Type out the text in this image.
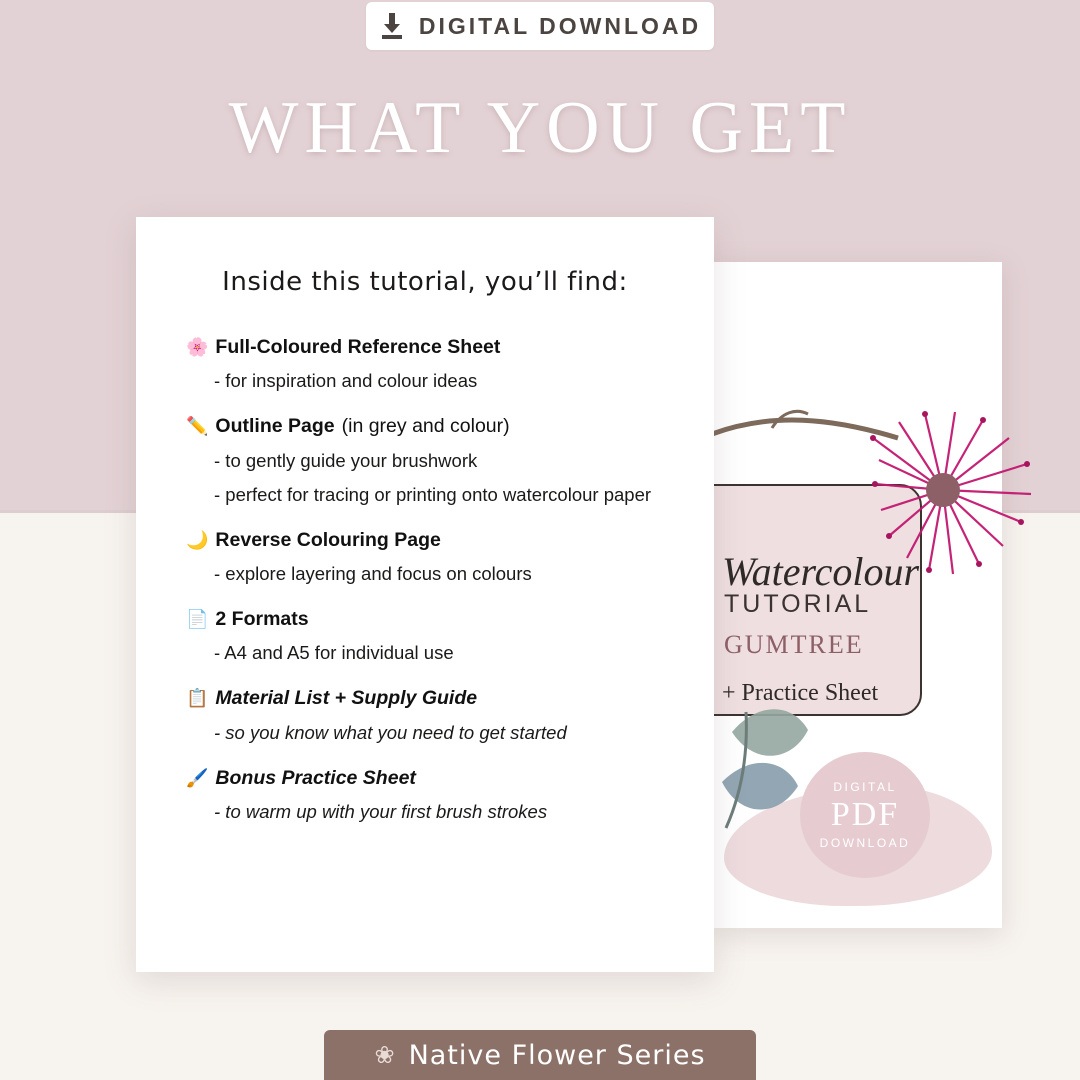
DIGITAL DOWNLOAD
WHAT YOU GET
Watercolour
TUTORIAL
GUMTREE
+ Practice Sheet
DIGITAL
PDF
DOWNLOAD
Inside this tutorial, you’ll find:
🌸 Full-Coloured Reference Sheet
- for inspiration and colour ideas
✏️ Outline Page (in grey and colour)
- to gently guide your brushwork
- perfect for tracing or printing onto watercolour paper
🌙 Reverse Colouring Page
- explore layering and focus on colours
📄 2 Formats
- A4 and A5 for individual use
📋 Material List + Supply Guide
- so you know what you need to get started
🖌️ Bonus Practice Sheet
- to warm up with your first brush strokes
❀ Native Flower Series
